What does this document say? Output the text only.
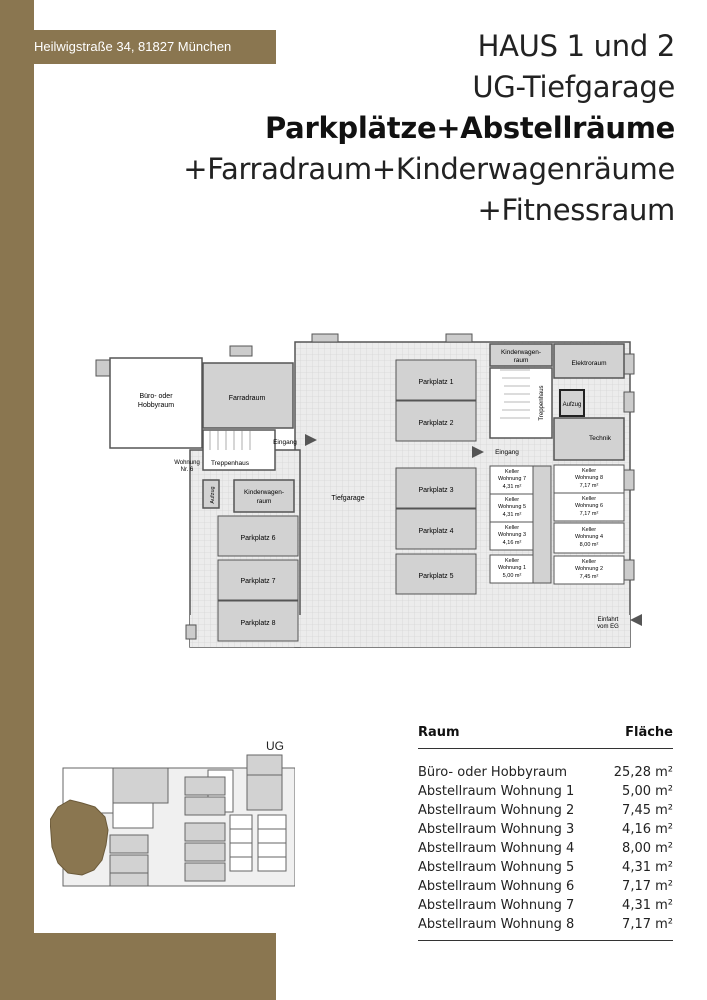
Heilwigstraße 34, 81827 München	HAUS 1 und 2
UG-Tiefgarage
Parkplätze+Abstellräume
+Farradraum+Kinderwagenräume
+Fitnessraum
Büro- oder
Hobbyraum
Farradraum
Treppenhaus
Eingang
Wohnung
Nr. 6
Aufzug	Kinderwagen-
raum
Parkplatz 6
Parkplatz 7
Parkplatz 8
Tiefgarage
Parkplatz 1
Parkplatz 2
Parkplatz 3
Parkplatz 4
Parkplatz 5
Kinderwagen-
raum	Elektroraum
Treppenhaus	Aufzug
Technik
Eingang
Keller
Wohnung 7
4,31 m²
Keller
Wohnung 5
4,31 m²
Keller
Wohnung 3
4,16 m²
Keller
Wohnung 1
5,00 m²
Keller
Wohnung 8
7,17 m²
Keller
Wohnung 6
7,17 m²
Keller
Wohnung 4
8,00 m²
Keller
Wohnung 2
7,45 m²
Einfahrt
vom EG
UG
Raum	Fläche
Büro- oder Hobbyraum	25,28 m²
Abstellraum Wohnung 1	5,00 m²
Abstellraum Wohnung 2	7,45 m²
Abstellraum Wohnung 3	4,16 m²
Abstellraum Wohnung 4	8,00 m²
Abstellraum Wohnung 5	4,31 m²
Abstellraum Wohnung 6	7,17 m²
Abstellraum Wohnung 7	4,31 m²
Abstellraum Wohnung 8	7,17 m²
